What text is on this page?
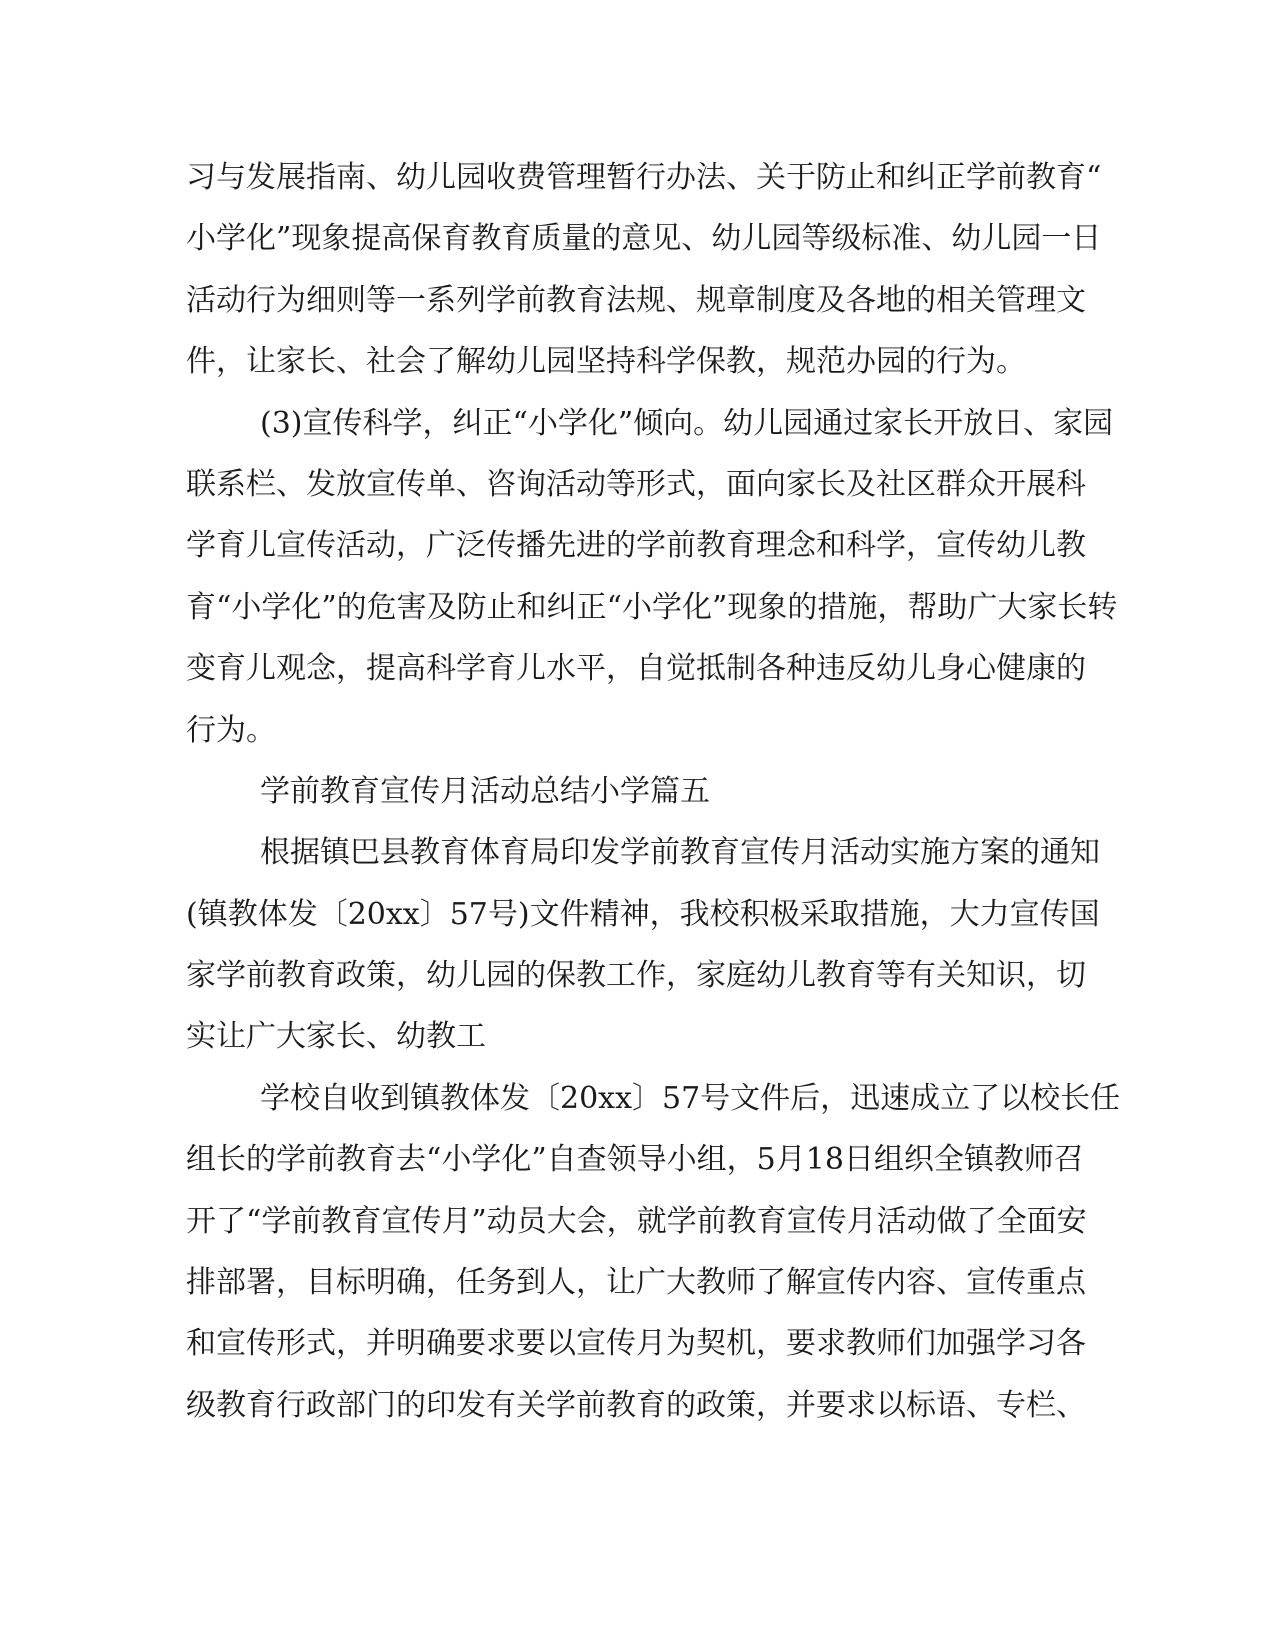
习与发展指南、幼儿园收费管理暂行办法、关于防止和纠正学前教育“
小学化”现象提高保育教育质量的意见、幼儿园等级标准、幼儿园一日
活动行为细则等一系列学前教育法规、规章制度及各地的相关管理文
件，让家长、社会了解幼儿园坚持科学保教，规范办园的行为。
(3)宣传科学，纠正“小学化”倾向。幼儿园通过家长开放日、家园
联系栏、发放宣传单、咨询活动等形式，面向家长及社区群众开展科
学育儿宣传活动，广泛传播先进的学前教育理念和科学，宣传幼儿教
育“小学化”的危害及防止和纠正“小学化”现象的措施，帮助广大家长转
变育儿观念，提高科学育儿水平，自觉抵制各种违反幼儿身心健康的
行为。
学前教育宣传月活动总结小学篇五
根据镇巴县教育体育局印发学前教育宣传月活动实施方案的通知
(镇教体发〔20xx〕57号)文件精神，我校积极采取措施，大力宣传国
家学前教育政策，幼儿园的保教工作，家庭幼儿教育等有关知识，切
实让广大家长、幼教工
学校自收到镇教体发〔20xx〕57号文件后，迅速成立了以校长任
组长的学前教育去“小学化”自查领导小组，5月18日组织全镇教师召
开了“学前教育宣传月”动员大会，就学前教育宣传月活动做了全面安
排部署，目标明确，任务到人，让广大教师了解宣传内容、宣传重点
和宣传形式，并明确要求要以宣传月为契机，要求教师们加强学习各
级教育行政部门的印发有关学前教育的政策，并要求以标语、专栏、
